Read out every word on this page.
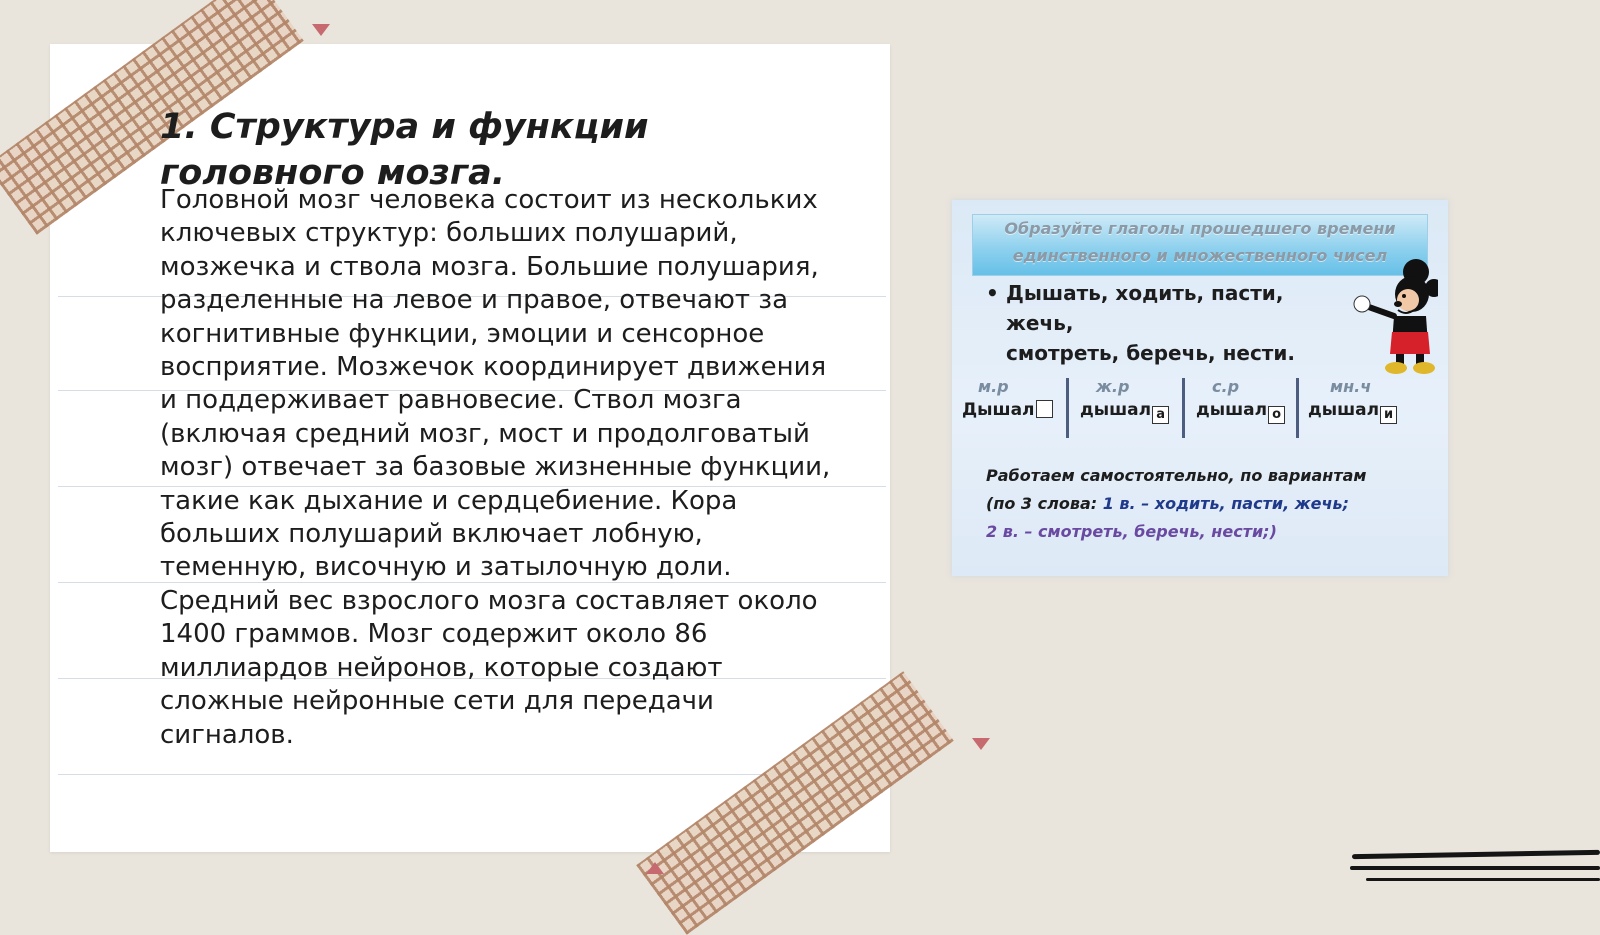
1. Структура и функции головного мозга.

Головной мозг человека состоит из нескольких ключевых структур: больших полушарий, мозжечка и ствола мозга. Большие полушария, разделенные на левое и правое, отвечают за когнитивные функции, эмоции и сенсорное восприятие. Мозжечок координирует движения и поддерживает равновесие. Ствол мозга (включая средний мозг, мост и продолговатый мозг) отвечает за базовые жизненные функции, такие как дыхание и сердцебиение. Кора больших полушарий включает лобную, теменную, височную и затылочную доли. Средний вес взрослого мозга составляет около 1400 граммов. Мозг содержит около 86 миллиардов нейронов, которые создают сложные нейронные сети для передачи сигналов.

Образуйте глаголы прошедшего времени
единственного и множественного чисел
• Дышать, ходить, пасти, жечь,
смотреть, беречь, нести.
м.р
Дышал
ж.р
дышал а
с.р
дышал о
мн.ч
дышал и
Работаем самостоятельно, по вариантам
(по 3 слова: 1 в. – ходить, пасти, жечь;
2 в. – смотреть, беречь, нести;)
